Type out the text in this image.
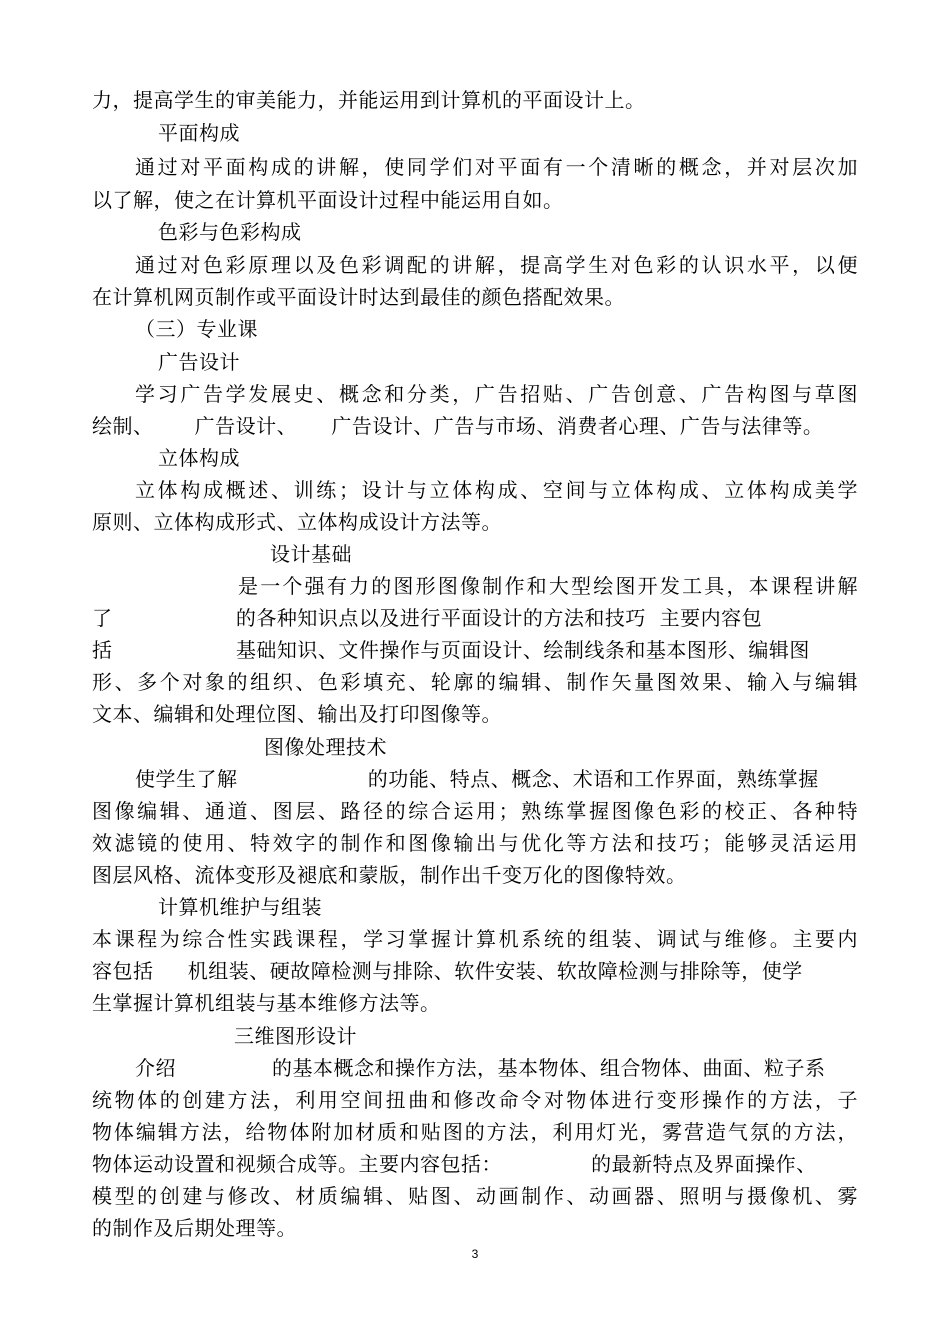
力，提高学生的审美能力，并能运用到计算机的平面设计上。
平面构成
通过对平面构成的讲解，使同学们对平面有一个清晰的概念，并对层次加
以了解，使之在计算机平面设计过程中能运用自如。
色彩与色彩构成
通过对色彩原理以及色彩调配的讲解，提高学生对色彩的认识水平，以便
在计算机网页制作或平面设计时达到最佳的颜色搭配效果。
（三）专业课
广告设计
学习广告学发展史、概念和分类，广告招贴、广告创意、广告构图与草图
绘制、      广告设计、     广告设计、广告与市场、消费者心理、广告与法律等。
立体构成
立体构成概述、训练；设计与立体构成、空间与立体构成、立体构成美学
原则、立体构成形式、立体构成设计方法等。
设计基础
是一个强有力的图形图像制作和大型绘图开发工具，本课程讲解
了                  的各种知识点以及进行平面设计的方法和技巧  主要内容包
括                  基础知识、文件操作与页面设计、绘制线条和基本图形、编辑图
形、多个对象的组织、色彩填充、轮廓的编辑、制作矢量图效果、输入与编辑
文本、编辑和处理位图、输出及打印图像等。
图像处理技术
使学生了解                   的功能、特点、概念、术语和工作界面，熟练掌握
图像编辑、通道、图层、路径的综合运用；熟练掌握图像色彩的校正、各种特
效滤镜的使用、特效字的制作和图像输出与优化等方法和技巧；能够灵活运用
图层风格、流体变形及褪底和蒙版，制作出千变万化的图像特效。
计算机维护与组装
本课程为综合性实践课程，学习掌握计算机系统的组装、调试与维修。主要内
容包括     机组装、硬故障检测与排除、软件安装、软故障检测与排除等，使学
生掌握计算机组装与基本维修方法等。
三维图形设计
介绍              的基本概念和操作方法，基本物体、组合物体、曲面、粒子系
统物体的创建方法，利用空间扭曲和修改命令对物体进行变形操作的方法，子
物体编辑方法，给物体附加材质和贴图的方法，利用灯光，雾营造气氛的方法，
物体运动设置和视频合成等。主要内容包括：             的最新特点及界面操作、
模型的创建与修改、材质编辑、贴图、动画制作、动画器、照明与摄像机、雾
的制作及后期处理等。
3
